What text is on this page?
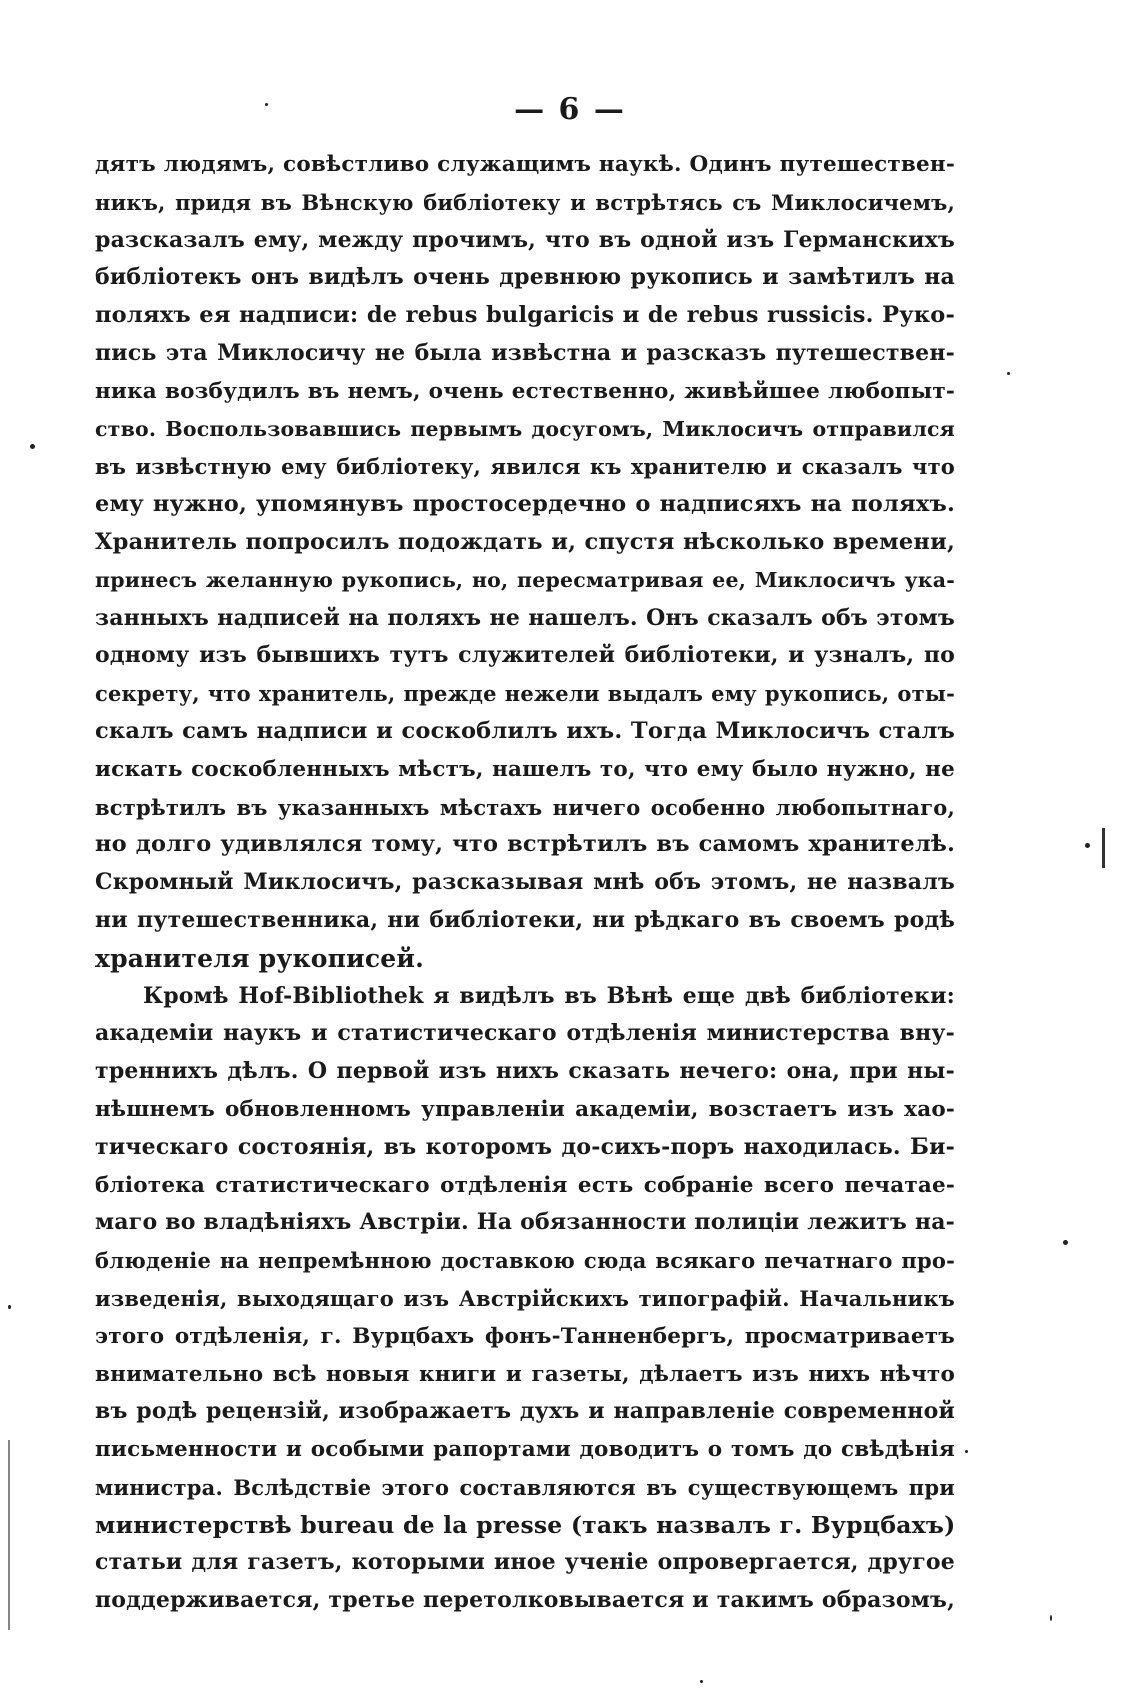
— 6 —
дятъ людямъ, совѣстливо служащимъ наукѣ. Одинъ путешествен-
никъ, придя въ Вѣнскую библіотеку и встрѣтясь съ Миклосичемъ,
разсказалъ ему, между прочимъ, что въ одной изъ Германскихъ
библіотекъ онъ видѣлъ очень древнюю рукопись и замѣтилъ на
поляхъ ея надписи: de rebus bulgaricis и de rebus russicis. Руко-
пись эта Миклосичу не была извѣстна и разсказъ путешествен-
ника возбудилъ въ немъ, очень естественно, живѣйшее любопыт-
ство. Воспользовавшись первымъ досугомъ, Миклосичъ отправился
въ извѣстную ему библіотеку, явился къ хранителю и сказалъ что
ему нужно, упомянувъ простосердечно о надписяхъ на поляхъ.
Хранитель попросилъ подождать и, спустя нѣсколько времени,
принесъ желанную рукопись, но, пересматривая ее, Миклосичъ ука-
занныхъ надписей на поляхъ не нашелъ. Онъ сказалъ объ этомъ
одному изъ бывшихъ тутъ служителей библіотеки, и узналъ, по
секрету, что хранитель, прежде нежели выдалъ ему рукопись, оты-
скалъ самъ надписи и соскоблилъ ихъ. Тогда Миклосичъ сталъ
искать соскобленныхъ мѣстъ, нашелъ то, что ему было нужно, не
встрѣтилъ въ указанныхъ мѣстахъ ничего особенно любопытнаго,
но долго удивлялся тому, что встрѣтилъ въ самомъ хранителѣ.
Скромный Миклосичъ, разсказывая мнѣ объ этомъ, не назвалъ
ни путешественника, ни библіотеки, ни рѣдкаго въ своемъ родѣ
хранителя рукописей.
Кромѣ Hof-Bibliothek я видѣлъ въ Вѣнѣ еще двѣ библіотеки:
академіи наукъ и статистическаго отдѣленія министерства вну-
треннихъ дѣлъ. О первой изъ нихъ сказать нечего: она, при ны-
нѣшнемъ обновленномъ управленіи академіи, возстаетъ изъ хао-
тическаго состоянія, въ которомъ до-сихъ-поръ находилась. Би-
бліотека статистическаго отдѣленія есть собраніе всего печатае-
маго во владѣніяхъ Австріи. На обязанности полиціи лежитъ на-
блюденіе на непремѣнною доставкою сюда всякаго печатнаго про-
изведенія, выходящаго изъ Австрійскихъ типографій. Начальникъ
этого отдѣленія, г. Вурцбахъ фонъ-Танненбергъ, просматриваетъ
внимательно всѣ новыя книги и газеты, дѣлаетъ изъ нихъ нѣчто
въ родѣ рецензій, изображаетъ духъ и направленіе современной
письменности и особыми рапортами доводитъ о томъ до свѣдѣнія
министра. Вслѣдствіе этого составляются въ существующемъ при
министерствѣ bureau de la presse (такъ назвалъ г. Вурцбахъ)
статьи для газетъ, которыми иное ученіе опровергается, другое
поддерживается, третье перетолковывается и такимъ образомъ,
